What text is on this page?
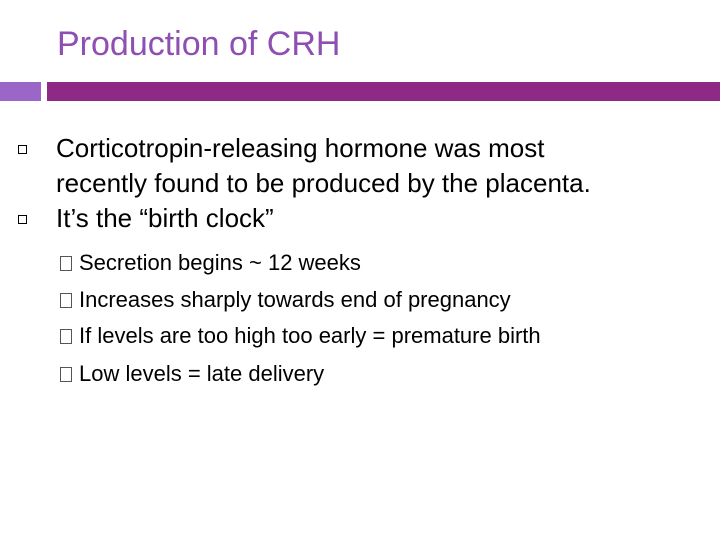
Production of CRH
Corticotropin-releasing hormone was most
recently found to be produced by the placenta.
It’s the “birth clock”
Secretion begins ~ 12 weeks
Increases sharply towards end of pregnancy
If levels are too high too early = premature birth
Low levels = late delivery
